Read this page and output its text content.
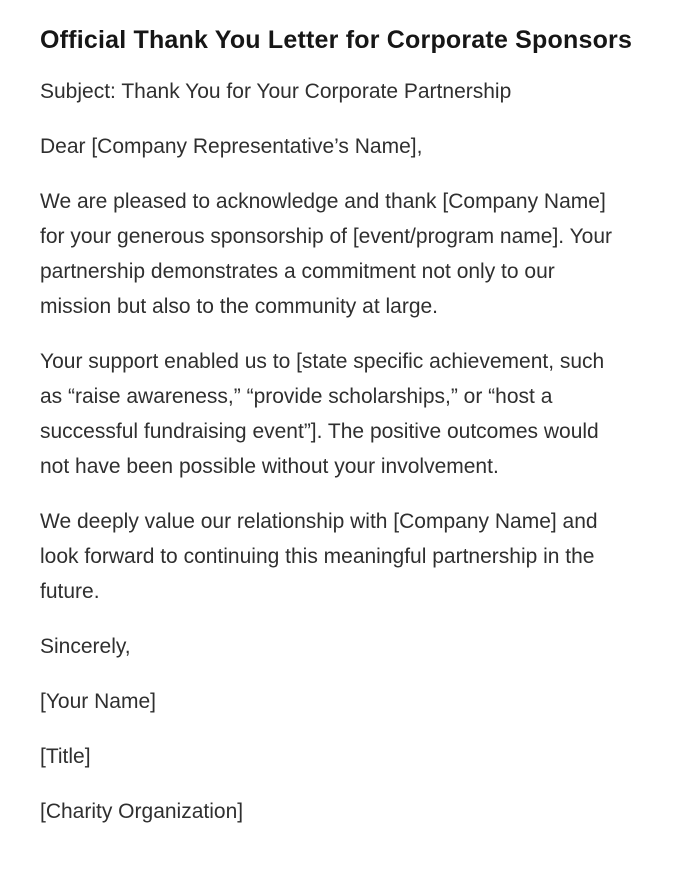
Official Thank You Letter for Corporate Sponsors

Subject: Thank You for Your Corporate Partnership

Dear [Company Representative’s Name],

We are pleased to acknowledge and thank [Company Name] for your generous sponsorship of [event/program name]. Your partnership demonstrates a commitment not only to our mission but also to the community at large.

Your support enabled us to [state specific achievement, such as “raise awareness,” “provide scholarships,” or “host a successful fundraising event”]. The positive outcomes would not have been possible without your involvement.

We deeply value our relationship with [Company Name] and look forward to continuing this meaningful partnership in the future.

Sincerely,

[Your Name]

[Title]

[Charity Organization]
